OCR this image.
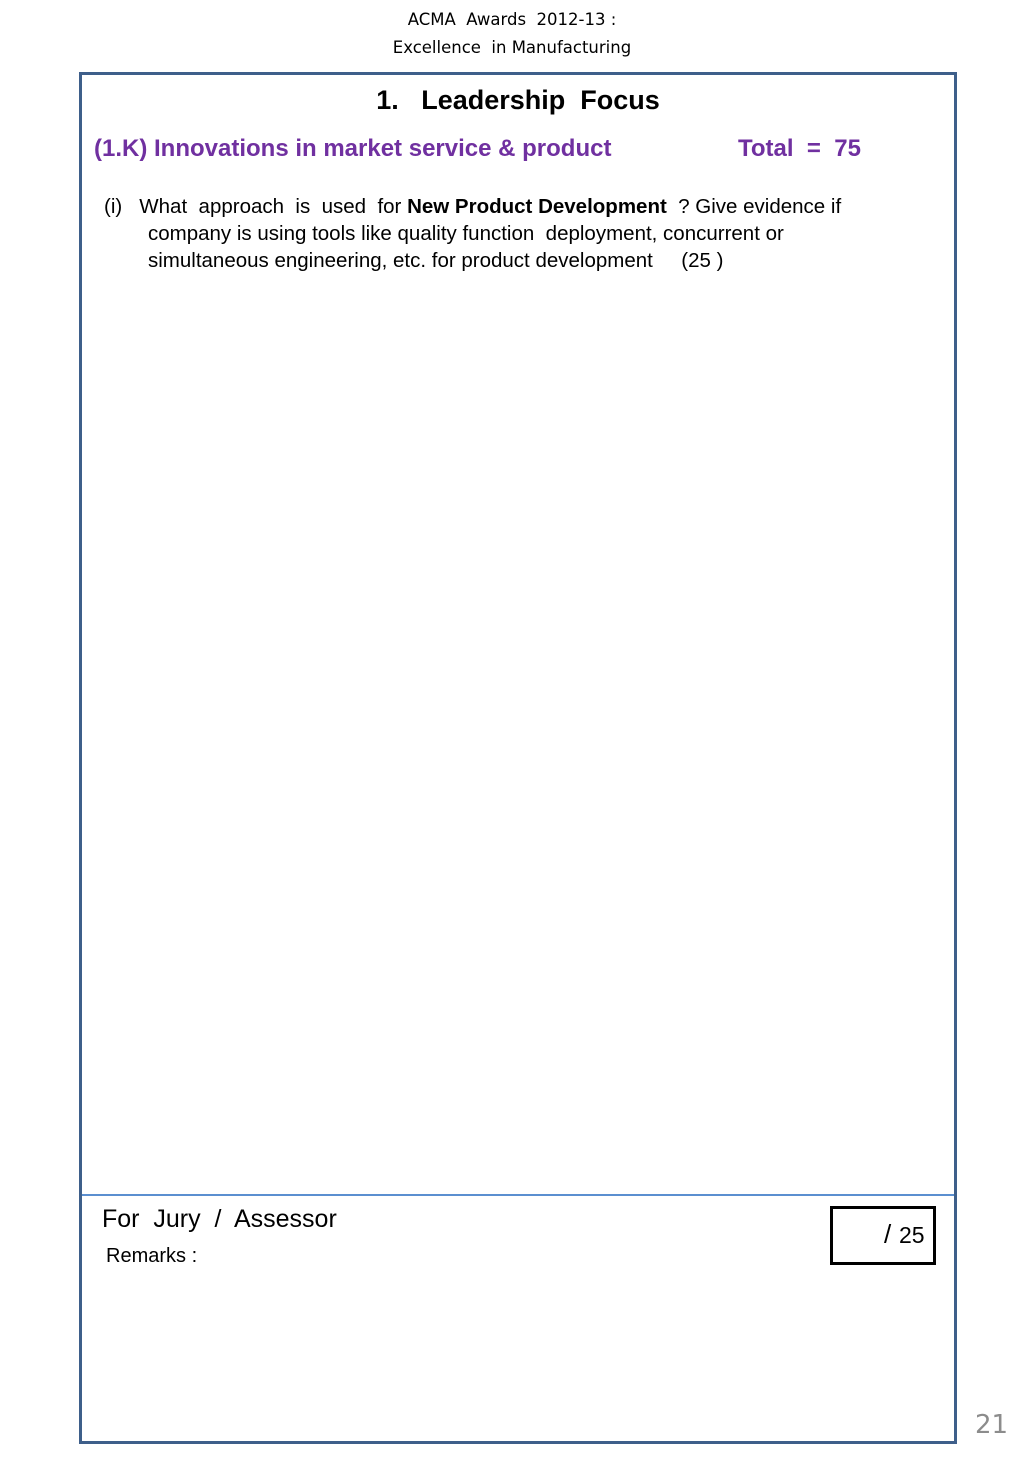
ACMA  Awards  2012-13 :
Excellence  in Manufacturing
1.   Leadership  Focus
(1.K) Innovations in market service & product	Total  =  75
(i)   What  approach  is  used  for New Product Development  ? Give evidence if
company is using tools like quality function  deployment, concurrent or
simultaneous engineering, etc. for product development     (25 )
For  Jury  /  Assessor
Remarks :
/ 25
21
